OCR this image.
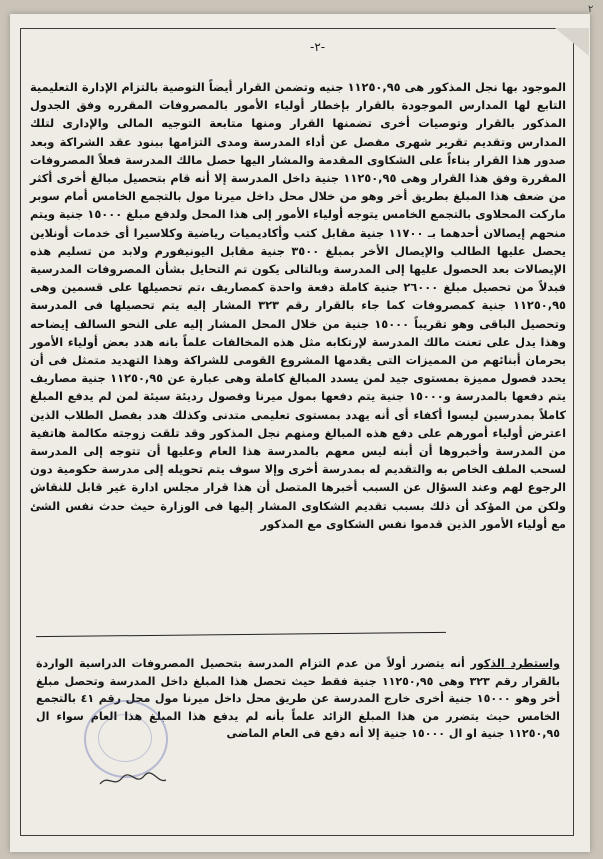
٢
-٢-
الموجود بها نجل المذكور هى ١١٢٥٠,٩٥ جنيه وتضمن القرار أيضاً التوصية بالتزام الإدارة التعليمية التابع لها المدارس الموجودة بالقرار بإخطار أولياء الأمور بالمصروفات المقرره وفق الجدول المذكور بالقرار وتوصيات أخرى تضمنها القرار ومنها متابعة التوجيه المالى والإدارى لتلك المدارس وتقديم تقرير شهرى مفصل عن أداء المدرسة ومدى التزامها ببنود عقد الشراكة وبعد صدور هذا القرار بناءاً على الشكاوى المقدمة والمشار اليها حصل مالك المدرسة فعلاً المصروفات المقررة وفق هذا القرار وهى ١١٢٥٠,٩٥ جنية داخل المدرسة إلا أنه قام بتحصيل مبالغ أخرى أكثر من ضعف هذا المبلغ بطريق أخر وهو من خلال محل داخل ميرنا مول بالتجمع الخامس أمام سوبر ماركت المحلاوى بالتجمع الخامس يتوجه أولياء الأمور إلى هذا المحل ولدفع مبلغ ١٥٠٠٠ جنية ويتم منحهم إيصالان أحدهما بـ ١١٧٠٠ جنية مقابل كتب وأكاديميات رياضية وكلاسيرا أى خدمات أونلاين يحصل عليها الطالب والإيصال الأخر بمبلغ ٣٥٠٠ جنية مقابل اليونيفورم ولابد من تسليم هذه الإيصالات بعد الحصول عليها إلى المدرسة وبالتالى يكون تم التحايل بشأن المصروفات المدرسية فبدلاً من تحصيل مبلغ ٢٦٠٠٠ جنية كاملة دفعة واحدة كمصاريف ،تم تحصيلها على قسمين وهى ١١٢٥٠,٩٥ جنية كمصروفات كما جاء بالقرار رقم ٣٢٣ المشار إليه يتم تحصيلها فى المدرسة وتحصيل الباقى وهو تقريباً ١٥٠٠٠ جنية من خلال المحل المشار إليه على النحو السالف إيضاحه وهذا يدل على تعنت مالك المدرسة لإرتكابه مثل هذه المخالفات علماً بانه هدد بعض أولياء الأمور بحرمان أبنائهم من المميزات التى يقدمها المشروع القومى للشراكة وهذا التهديد متمثل فى أن يحدد فصول مميزة بمستوى جيد لمن يسدد المبالغ كاملة وهى عبارة عن ١١٢٥٠,٩٥ جنية مصاريف يتم دفعها بالمدرسة و١٥٠٠٠ جنية يتم دفعها بمول ميرنا وفصول رديئة سيئة لمن لم يدفع المبلغ كاملاً بمدرسين ليسوا أكفاء أى أنه يهدد بمستوى تعليمى متدنى وكذلك هدد بفصل الطلاب الذين اعترض أولياء أمورهم على دفع هذه المبالغ ومنهم نجل المذكور وقد تلقت زوجته مكالمة هاتفية من المدرسة وأخبروها أن أبنه ليس معهم بالمدرسة هذا العام وعليها أن تتوجه إلى المدرسة لسحب الملف الخاص به والتقديم له بمدرسة أخرى وإلا سوف يتم تحويله إلى مدرسة حكومية دون الرجوع لهم وعند السؤال عن السبب أخبرها المتصل أن هذا قرار مجلس ادارة غير قابل للنقاش ولكن من المؤكد أن ذلك بسبب تقديم الشكاوى المشار إليها فى الوزارة حيث حدث نفس الشئ مع أولياء الأمور الذين قدموا نفس الشكاوى مع المذكور
واستطرد الذكور أنه يتضرر أولاً من عدم التزام المدرسة بتحصيل المصروفات الدراسية الواردة بالقرار رقم ٣٢٣ وهى ١١٢٥٠,٩٥ جنية فقط حيث تحصل هذا المبلغ داخل المدرسة وتحصل مبلغ أخر وهو ١٥٠٠٠ جنية أخرى خارج المدرسة عن طريق محل داخل ميرنا مول محل رقم ٤١ بالتجمع الخامس حيث يتضرر من هذا المبلغ الزائد علماً بأنه لم يدفع هذا المبلغ هذا العام سواء ال ١١٢٥٠,٩٥ جنية او ال ١٥٠٠٠ جنية إلا أنه دفع فى العام الماضى
